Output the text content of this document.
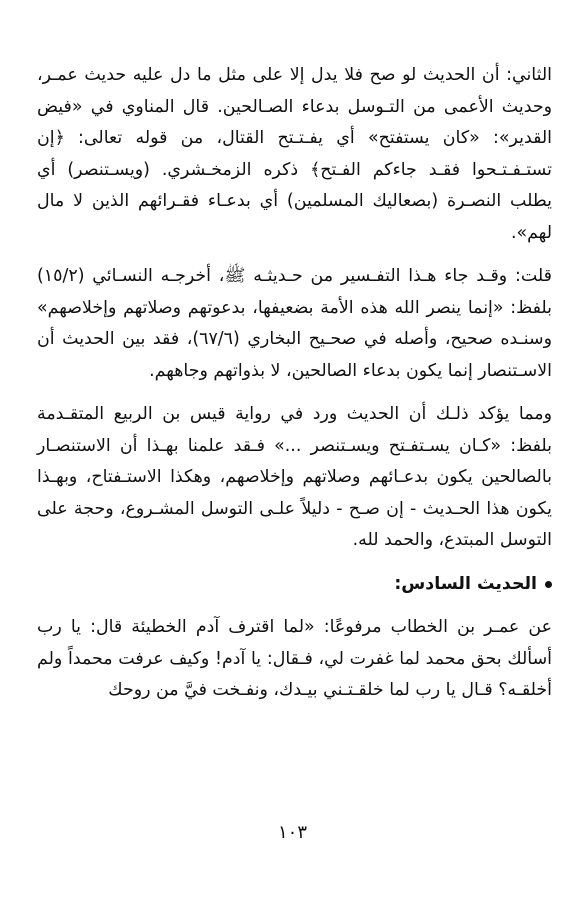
الثاني: أن الحديث لو صح فلا يدل إلا على مثل ما دل عليه حديث عمـر، وحديث الأعمى من التـوسل بدعاء الصـالحين. قال المناوي في «فيض القدير»: «كان يستفتح» أي يفـتـتح القتال، من قوله تعالى: ﴿إن تستـفـتـحوا فقـد جاءكم الفـتح﴾ ذكره الزمخـشري. (ويسـتنصر) أي يطلب النصـرة (بصعاليك المسلمين) أي بدعـاء فقـرائهم الذين لا مال لهم».

قلت: وقـد جاء هـذا التفـسير من حـديثـه ﷺ، أخرجـه النسـائي (١٥/٢) بلفظ: «إنما ينصر الله هذه الأمة بضعيفها، بدعوتهم وصلاتهم وإخلاصهم» وسنـده صحيح، وأصله في صحـيح البخاري (٦٧/٦)، فقد بين الحديث أن الاسـتنصار إنما يكون بدعاء الصالحين، لا بذواتهم وجاههم.

ومما يؤكد ذلـك أن الحديث ورد في رواية قيس بن الربيع المتقـدمة بلفظ: «كـان يسـتفـتح ويسـتنصر ...» فـقد علمنا بهـذا أن الاستنصـار بالصالحين يكون بدعـائهم وصلاتهم وإخلاصهم، وهكذا الاستـفتاح، وبهـذا يكون هذا الحـديث - إن صـح - دليلاً علـى التوسل المشـروع، وحجة على التوسل المبتدع، والحمد لله.

الحديث السادس:

عن عمـر بن الخطاب مرفوعًا: «لما اقترف آدم الخطيئة قال: يا رب أسألك بحق محمد لما غفرت لي، فـقال: يا آدم! وكيف عرفت محمداً ولم أخلقـه؟ قـال يا رب لما خلقـتـني بيـدك، ونفـخت فيَّ من روحك

١٠٣
